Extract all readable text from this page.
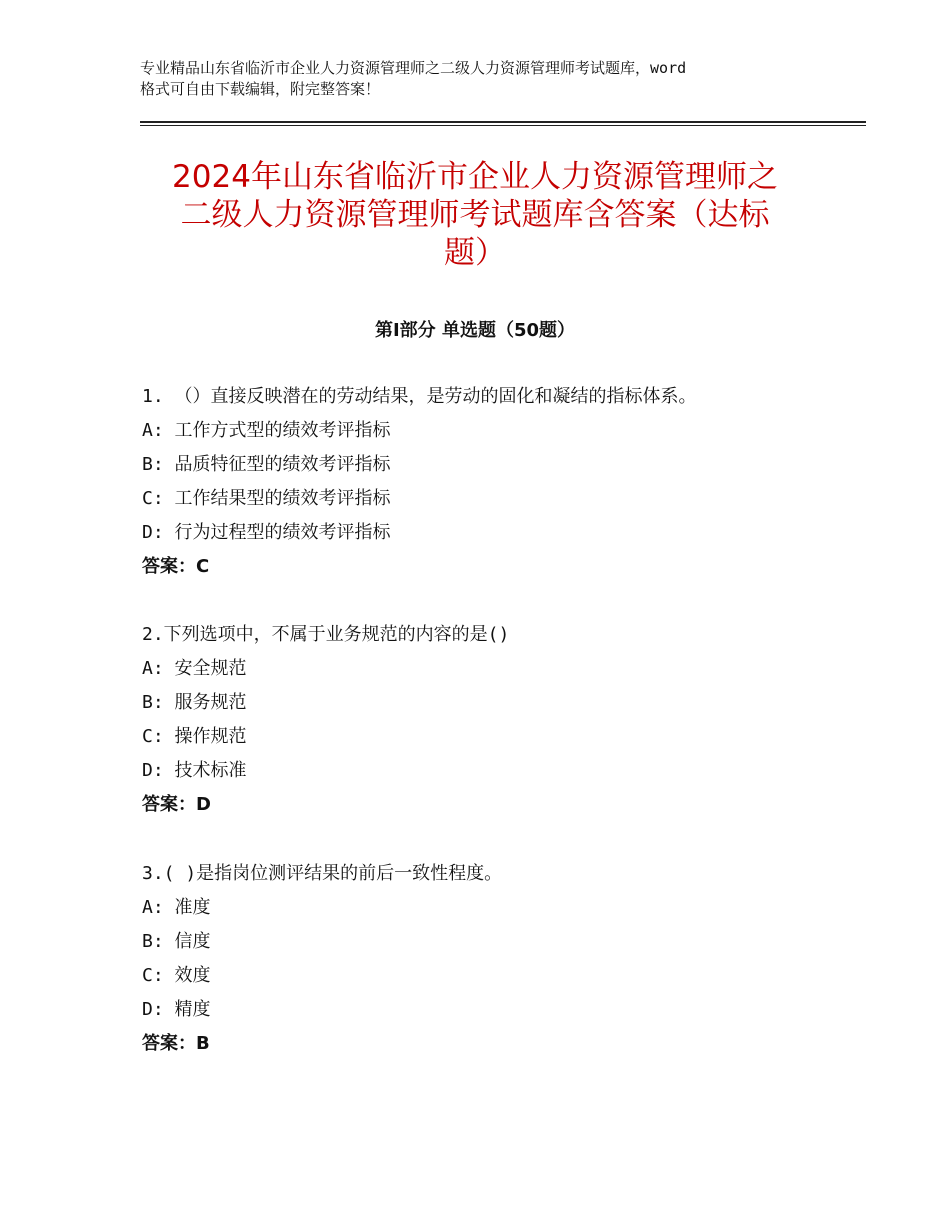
专业精品山东省临沂市企业人力资源管理师之二级人力资源管理师考试题库，word
格式可自由下载编辑，附完整答案！
2024年山东省临沂市企业人力资源管理师之
二级人力资源管理师考试题库含答案（达标
题）
第Ⅰ部分 单选题（50题）
1. （）直接反映潜在的劳动结果，是劳动的固化和凝结的指标体系。
A: 工作方式型的绩效考评指标
B: 品质特征型的绩效考评指标
C: 工作结果型的绩效考评指标
D: 行为过程型的绩效考评指标
答案：C
2.下列选项中，不属于业务规范的内容的是()
A: 安全规范
B: 服务规范
C: 操作规范
D: 技术标准
答案：D
3.( )是指岗位测评结果的前后一致性程度。
A: 准度
B: 信度
C: 效度
D: 精度
答案：B
